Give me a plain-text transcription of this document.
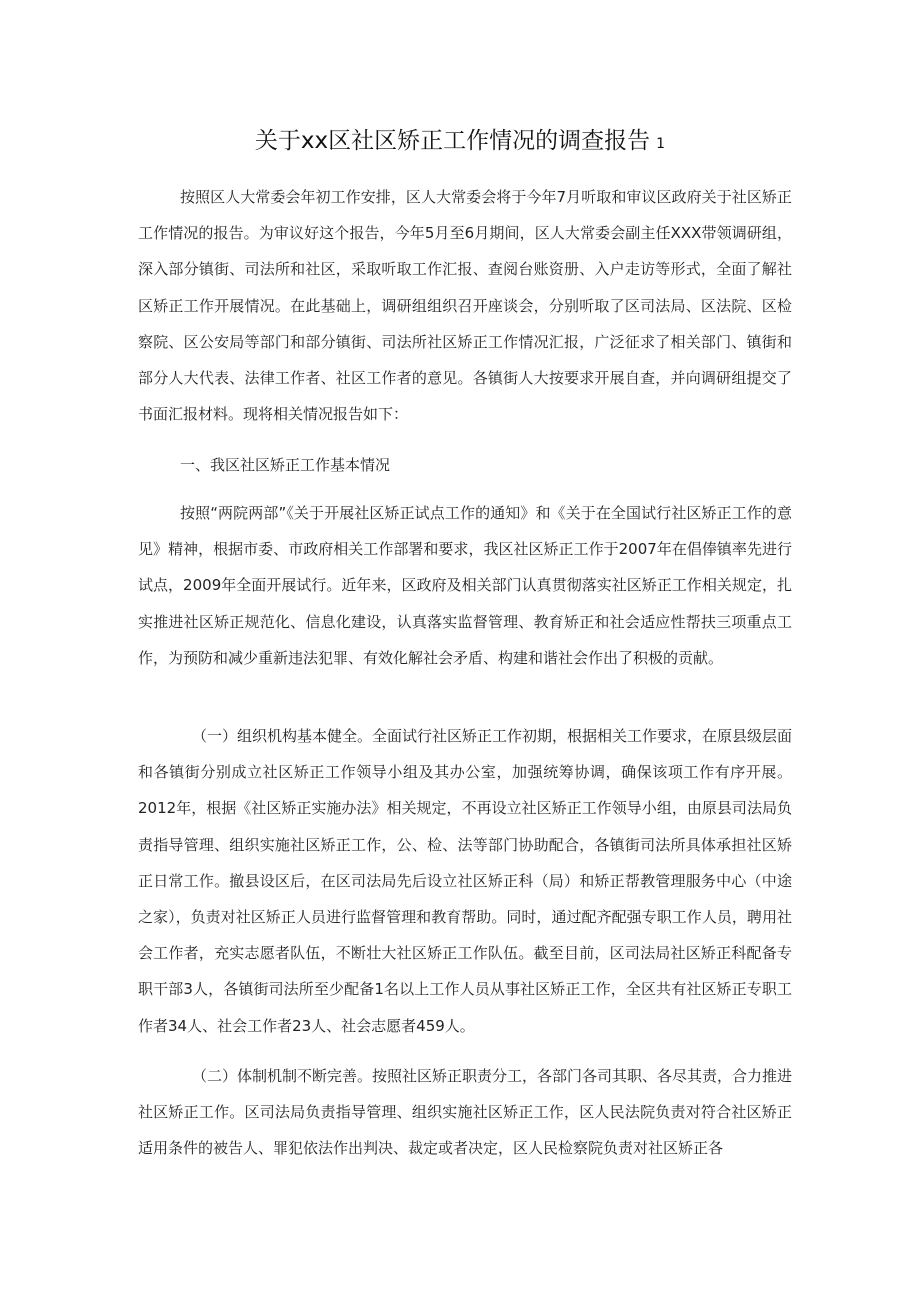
关于xx区社区矫正工作情况的调查报告 1

按照区人大常委会年初工作安排，区人大常委会将于今年7月听取和审议区政府关于社区矫正工作情况的报告。为审议好这个报告，今年5月至6月期间，区人大常委会副主任XXX带领调研组，深入部分镇街、司法所和社区，采取听取工作汇报、查阅台账资册、入户走访等形式，全面了解社区矫正工作开展情况。在此基础上，调研组组织召开座谈会，分别听取了区司法局、区法院、区检察院、区公安局等部门和部分镇街、司法所社区矫正工作情况汇报，广泛征求了相关部门、镇街和部分人大代表、法律工作者、社区工作者的意见。各镇街人大按要求开展自查，并向调研组提交了书面汇报材料。现将相关情况报告如下：

一、我区社区矫正工作基本情况

按照“两院两部”《关于开展社区矫正试点工作的通知》和《关于在全国试行社区矫正工作的意见》精神，根据市委、市政府相关工作部署和要求，我区社区矫正工作于2007年在倡俸镇率先进行试点，2009年全面开展试行。近年来，区政府及相关部门认真贯彻落实社区矫正工作相关规定，扎实推进社区矫正规范化、信息化建设，认真落实监督管理、教育矫正和社会适应性帮扶三项重点工作，为预防和减少重新违法犯罪、有效化解社会矛盾、构建和谐社会作出了积极的贡献。

（一）组织机构基本健全。全面试行社区矫正工作初期，根据相关工作要求，在原县级层面和各镇街分别成立社区矫正工作领导小组及其办公室，加强统筹协调，确保该项工作有序开展。2012年，根据《社区矫正实施办法》相关规定，不再设立社区矫正工作领导小组，由原县司法局负责指导管理、组织实施社区矫正工作，公、检、法等部门协助配合，各镇街司法所具体承担社区矫正日常工作。撤县设区后，在区司法局先后设立社区矫正科（局）和矫正帮教管理服务中心（中途之家），负责对社区矫正人员进行监督管理和教育帮助。同时，通过配齐配强专职工作人员，聘用社会工作者，充实志愿者队伍，不断壮大社区矫正工作队伍。截至目前，区司法局社区矫正科配备专职干部3人，各镇街司法所至少配备1名以上工作人员从事社区矫正工作，全区共有社区矫正专职工作者34人、社会工作者23人、社会志愿者459人。

（二）体制机制不断完善。按照社区矫正职责分工，各部门各司其职、各尽其责，合力推进社区矫正工作。区司法局负责指导管理、组织实施社区矫正工作，区人民法院负责对符合社区矫正适用条件的被告人、罪犯依法作出判决、裁定或者决定，区人民检察院负责对社区矫正各
